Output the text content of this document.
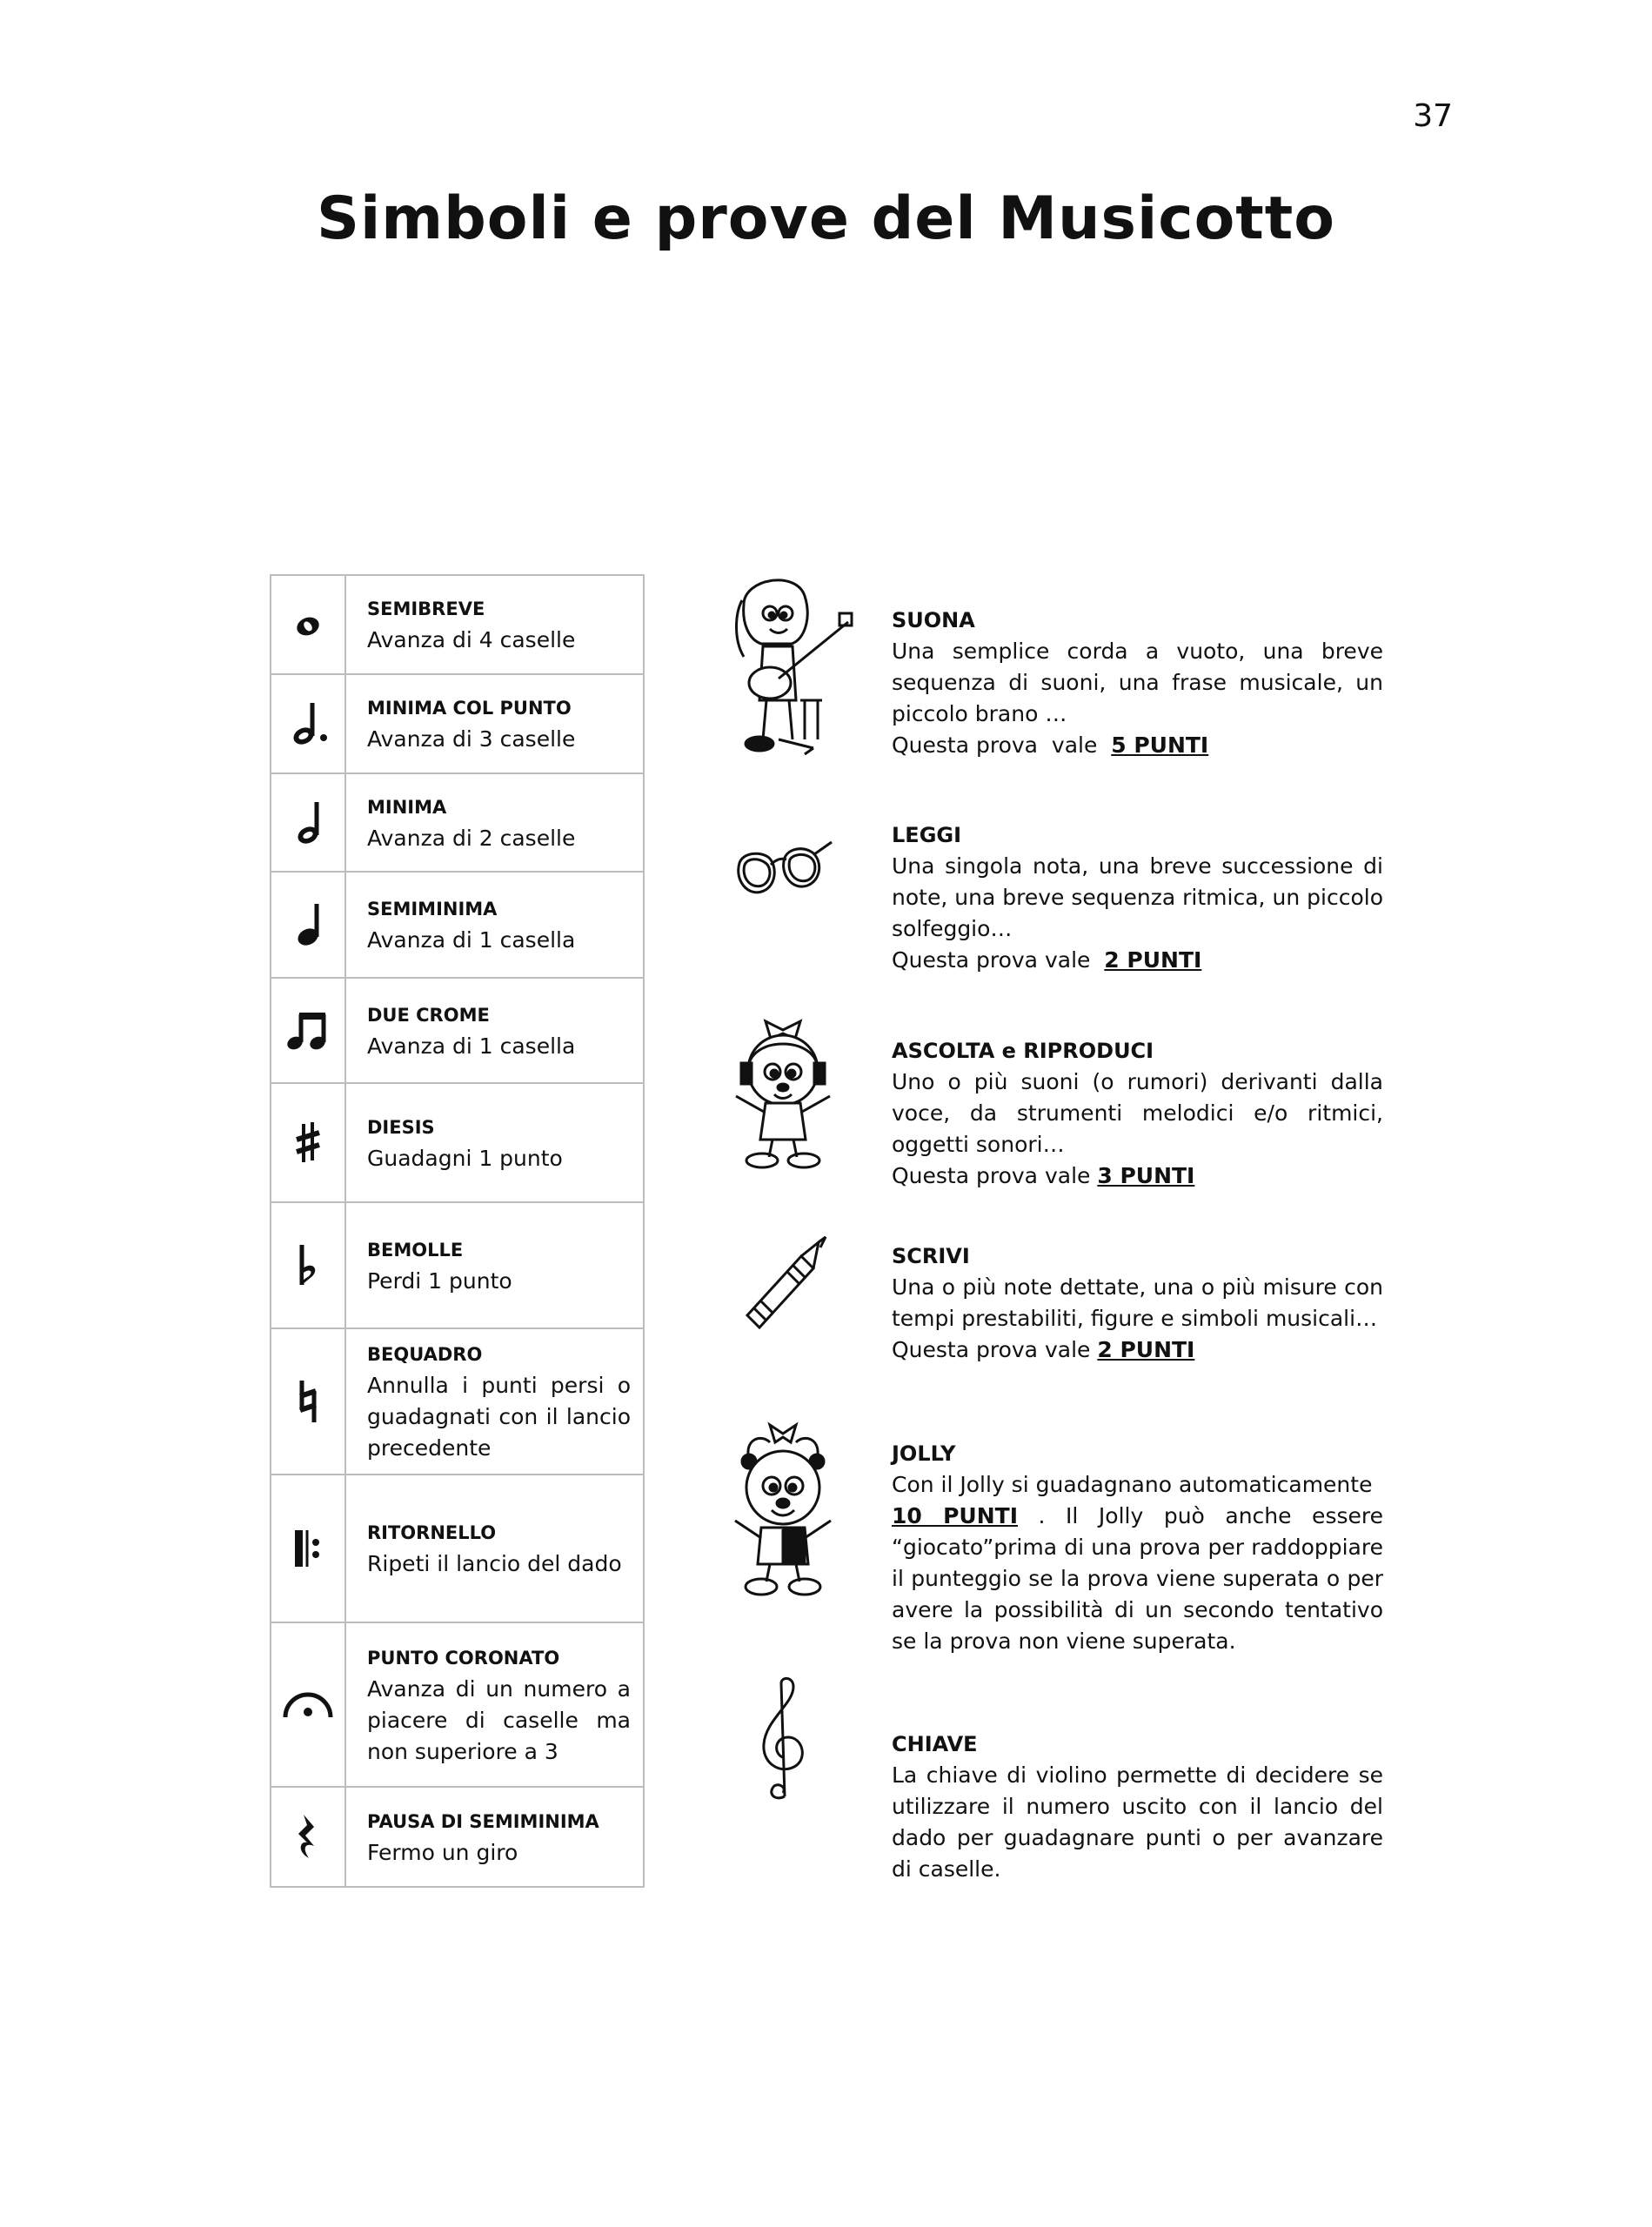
37
Simboli e prove del Musicotto

SEMIBREVE
Avanza di 4 caselle

MINIMA COL PUNTO
Avanza di 3 caselle

MINIMA
Avanza di 2 caselle

SEMIMINIMA
Avanza di 1 casella

DUE CROME
Avanza di 1 casella

DIESIS
Guadagni 1 punto

BEMOLLE
Perdi 1 punto

BEQUADRO
Annulla i punti persi o guadagnati con il lancio precedente

RITORNELLO
Ripeti il lancio del dado

PUNTO CORONATO
Avanza di un numero a piacere di caselle ma non superiore a 3

PAUSA DI SEMIMINIMA
Fermo un giro
SUONA
Una semplice corda a vuoto, una breve sequenza di suoni, una frase musicale, un piccolo brano …
Questa prova  vale  5 PUNTI
LEGGI
Una singola nota, una breve successione di note, una breve sequenza ritmica, un piccolo solfeggio…
Questa prova vale  2 PUNTI
ASCOLTA e RIPRODUCI
Uno o più suoni (o rumori) derivanti dalla voce, da strumenti melodici e/o ritmici, oggetti sonori…
Questa prova vale 3 PUNTI
SCRIVI
Una o più note dettate, una o più misure con tempi prestabiliti, figure e simboli musicali…
Questa prova vale 2 PUNTI
JOLLY
Con il Jolly si guadagnano automaticamente
10 PUNTI . Il Jolly può anche essere “giocato”prima di una prova per raddoppiare il punteggio se la prova viene superata o per avere la possibilità di un secondo tentativo se la prova non viene superata.
CHIAVE
La chiave di violino permette di decidere se utilizzare il numero uscito con il lancio del dado per guadagnare punti o per avanzare di caselle.
